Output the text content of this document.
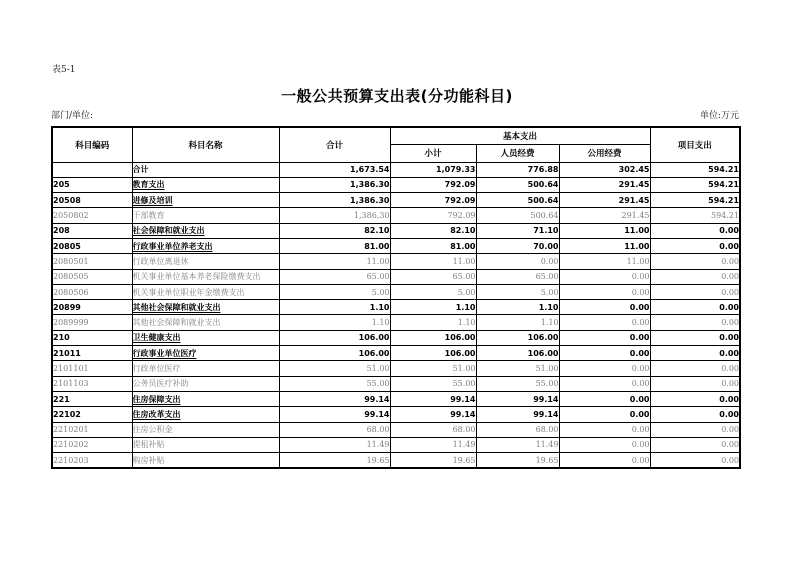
表5-1
一般公共预算支出表(分功能科目)
部门/单位:	单位:万元
科目编码	科目名称	合计	基本支出			项目支出
			小计	人员经费	公用经费	
	合计	1,673.54	1,079.33	776.88	302.45	594.21
205	教育支出	1,386.30	792.09	500.64	291.45	594.21
20508	进修及培训	1,386.30	792.09	500.64	291.45	594.21
2050802	干部教育	1,386.30	792.09	500.64	291.45	594.21
208	社会保障和就业支出	82.10	82.10	71.10	11.00	0.00
20805	行政事业单位养老支出	81.00	81.00	70.00	11.00	0.00
2080501	行政单位离退休	11.00	11.00	0.00	11.00	0.00
2080505	机关事业单位基本养老保险缴费支出	65.00	65.00	65.00	0.00	0.00
2080506	机关事业单位职业年金缴费支出	5.00	5.00	5.00	0.00	0.00
20899	其他社会保障和就业支出	1.10	1.10	1.10	0.00	0.00
2089999	其他社会保障和就业支出	1.10	1.10	1.10	0.00	0.00
210	卫生健康支出	106.00	106.00	106.00	0.00	0.00
21011	行政事业单位医疗	106.00	106.00	106.00	0.00	0.00
2101101	行政单位医疗	51.00	51.00	51.00	0.00	0.00
2101103	公务员医疗补助	55.00	55.00	55.00	0.00	0.00
221	住房保障支出	99.14	99.14	99.14	0.00	0.00
22102	住房改革支出	99.14	99.14	99.14	0.00	0.00
2210201	住房公积金	68.00	68.00	68.00	0.00	0.00
2210202	提租补贴	11.49	11.49	11.49	0.00	0.00
2210203	购房补贴	19.65	19.65	19.65	0.00	0.00
